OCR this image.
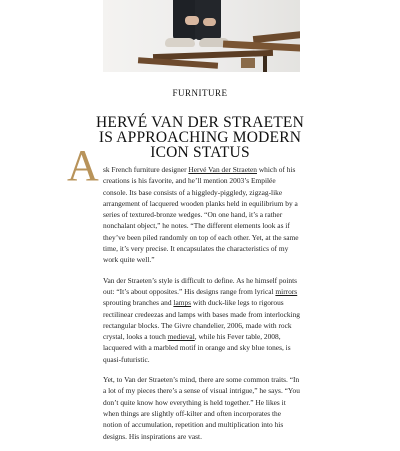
FURNITURE
HERVÉ VAN DER STRAETEN IS APPROACHING MODERN ICON STATUS

Ask French furniture designer Hervé Van der Straeten which of his creations is his favorite, and he’ll mention 2003’s Empilée console. Its base consists of a higgledy-piggledy, zigzag-like arrangement of lacquered wooden planks held in equilibrium by a series of textured-bronze wedges. “On one hand, it’s a rather nonchalant object,” he notes. “The different elements look as if they’ve been piled randomly on top of each other. Yet, at the same time, it’s very precise. It encapsulates the characteristics of my work quite well.”

Van der Straeten’s style is difficult to define. As he himself points out: “It’s about opposites.” His designs range from lyrical mirrors sprouting branches and lamps with duck-like legs to rigorous rectilinear credeezas and lamps with bases made from interlocking rectangular blocks. The Givre chandelier, 2006, made with rock crystal, looks a touch medieval, while his Fever table, 2008, lacquered with a marbled motif in orange and sky blue tones, is quasi-futuristic.

Yet, to Van der Straeten’s mind, there are some common traits. “In a lot of my pieces there’s a sense of visual intrigue,” he says. “You don’t quite know how everything is held together.” He likes it when things are slightly off-kilter and often incorporates the notion of accumulation, repetition and multiplication into his designs. His inspirations are vast.
